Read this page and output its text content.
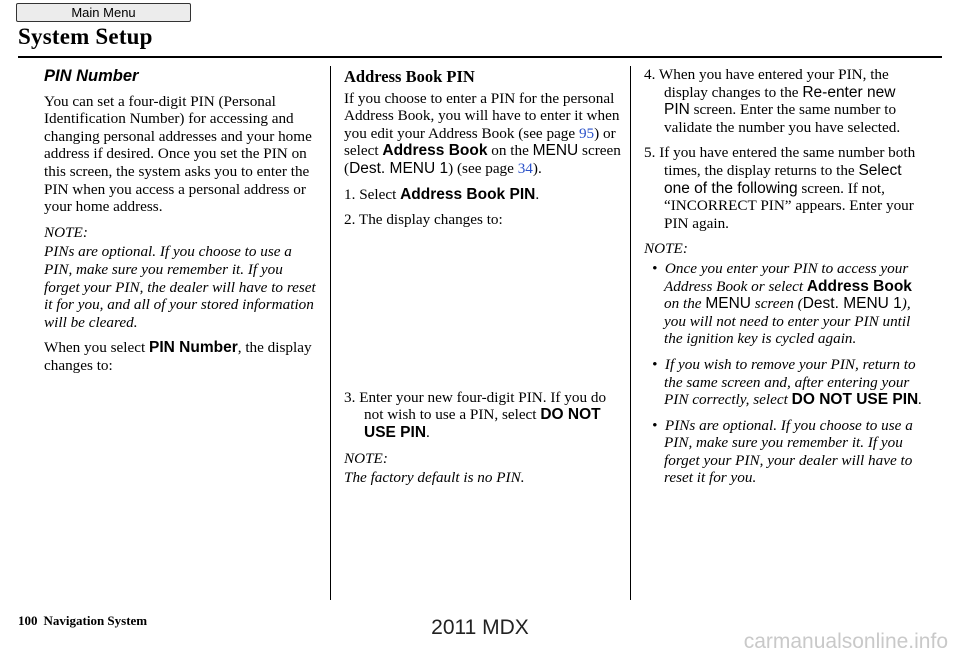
Main Menu
System Setup
PIN Number

You can set a four-digit PIN (Personal Identification Number) for accessing and changing personal addresses and your home address if desired. Once you set the PIN on this screen, the system asks you to enter the PIN when you access a personal address or your home address.

NOTE:

PINs are optional. If you choose to use a PIN, make sure you remember it. If you forget your PIN, the dealer will have to reset it for you, and all of your stored information will be cleared.

When you select PIN Number, the display changes to:

Address Book PIN

If you choose to enter a PIN for the personal Address Book, you will have to enter it when you edit your Address Book (see page 95) or select Address Book on the MENU screen (Dest. MENU 1) (see page 34).

1. Select Address Book PIN.
2. The display changes to:
3. Enter your new four-digit PIN. If you do not wish to use a PIN, select DO NOT USE PIN.

NOTE:

The factory default is no PIN.

4. When you have entered your PIN, the display changes to the Re-enter new PIN screen. Enter the same number to validate the number you have selected.
5. If you have entered the same number both times, the display returns to the Select one of the following screen. If not, “INCORRECT PIN” appears. Enter your PIN again.

NOTE:

•  Once you enter your PIN to access your Address Book or select Address Book on the MENU screen (Dest. MENU 1), you will not need to enter your PIN until the ignition key is cycled again.
•  If you wish to remove your PIN, return to the same screen and, after entering your PIN correctly, select DO NOT USE PIN.
•  PINs are optional. If you choose to use a PIN, make sure you remember it. If you forget your PIN, your dealer will have to reset it for you.
100 Navigation System	2011 MDX
carmanualsonline.info
